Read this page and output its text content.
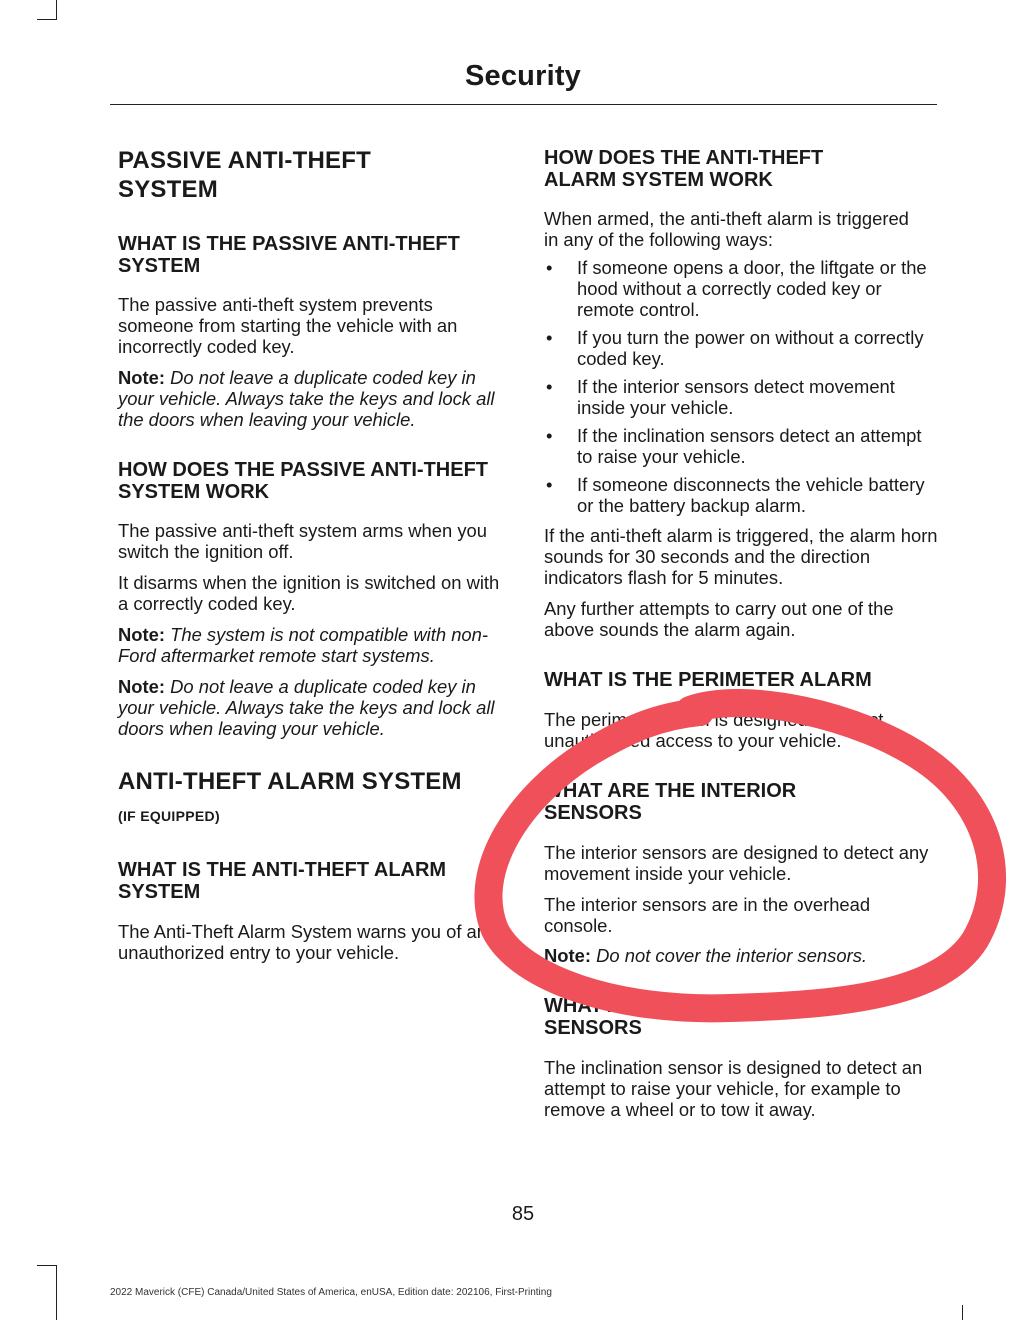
Security
PASSIVE ANTI-THEFT SYSTEM
WHAT IS THE PASSIVE ANTI-THEFT SYSTEM

The passive anti-theft system prevents someone from starting the vehicle with an incorrectly coded key.

Note: Do not leave a duplicate coded key in your vehicle. Always take the keys and lock all the doors when leaving your vehicle.

HOW DOES THE PASSIVE ANTI-THEFT SYSTEM WORK

The passive anti-theft system arms when you switch the ignition off.

It disarms when the ignition is switched on with a correctly coded key.

Note: The system is not compatible with non-Ford aftermarket remote start systems.

Note: Do not leave a duplicate coded key in your vehicle. Always take the keys and lock all doors when leaving your vehicle.

ANTI-THEFT ALARM SYSTEM
(IF EQUIPPED)
WHAT IS THE ANTI-THEFT ALARM SYSTEM

The Anti-Theft Alarm System warns you of an unauthorized entry to your vehicle.

HOW DOES THE ANTI-THEFT ALARM SYSTEM WORK

When armed, the anti-theft alarm is triggered in any of the following ways:

• If someone opens a door, the liftgate or the hood without a correctly coded key or remote control.
• If you turn the power on without a correctly coded key.
• If the interior sensors detect movement inside your vehicle.
• If the inclination sensors detect an attempt to raise your vehicle.
• If someone disconnects the vehicle battery or the battery backup alarm.

If the anti-theft alarm is triggered, the alarm horn sounds for 30 seconds and the direction indicators flash for 5 minutes.

Any further attempts to carry out one of the above sounds the alarm again.

WHAT IS THE PERIMETER ALARM

The perimeter alarm is designed to detect unauthorized access to your vehicle.

WHAT ARE THE INTERIOR SENSORS

The interior sensors are designed to detect any movement inside your vehicle.

The interior sensors are in the overhead console.

Note: Do not cover the interior sensors.

WHAT ARE THE INCLINATION SENSORS

The inclination sensor is designed to detect an attempt to raise your vehicle, for example to remove a wheel or to tow it away.

85
2022 Maverick (CFE) Canada/United States of America, enUSA, Edition date: 202106, First-Printing
